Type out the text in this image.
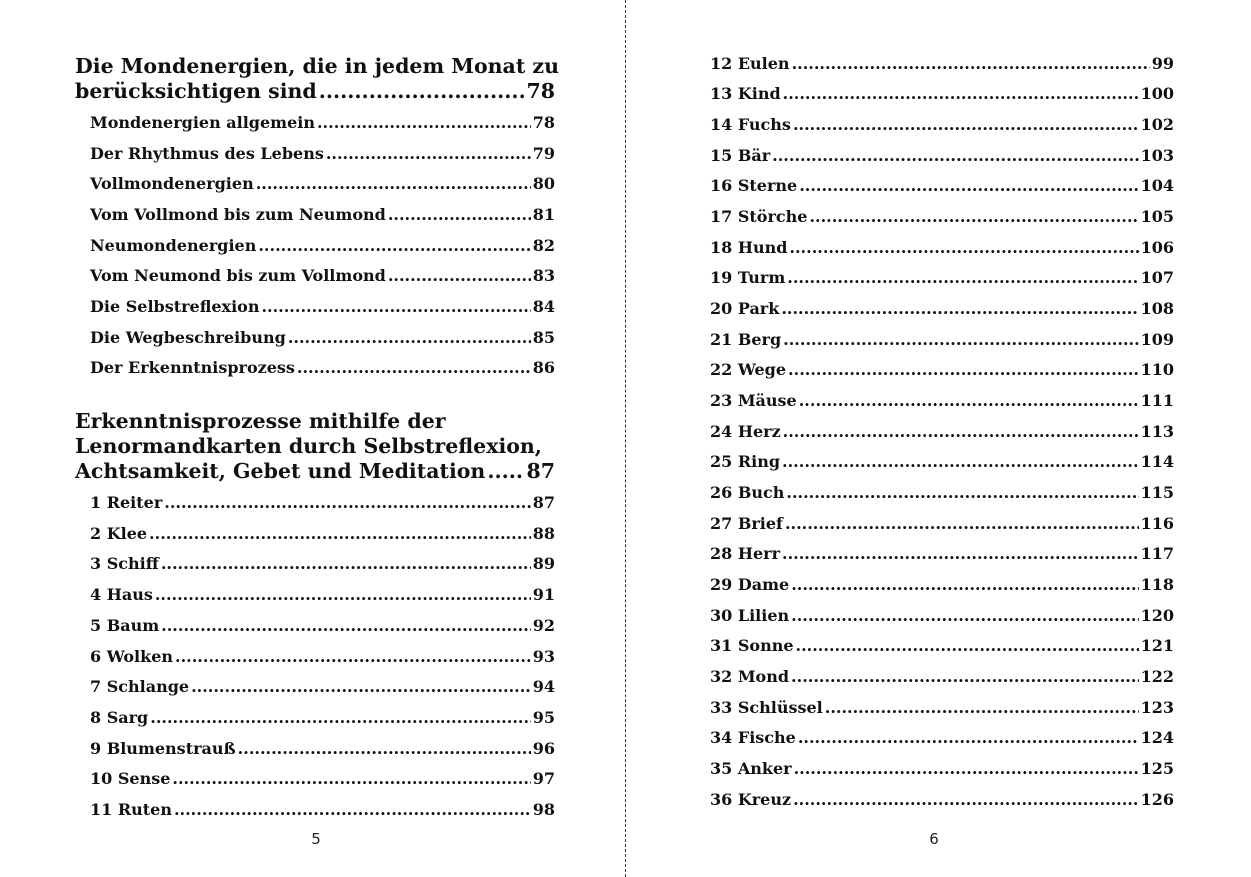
Die Mondenergien, die in jedem Monat zu
berücksichtigen sind .....	78
Mondenergien allgemein .....	78
Der Rhythmus des Lebens .....	79
Vollmondenergien .....	80
Vom Vollmond bis zum Neumond .....	81
Neumondenergien .....	82
Vom Neumond bis zum Vollmond .....	83
Die Selbstreflexion .....	84
Die Wegbeschreibung .....	85
Der Erkenntnisprozess .....	86
Erkenntnisprozesse mithilfe der
Lenormandkarten durch Selbstreflexion,
Achtsamkeit, Gebet und Meditation ..... 87
1 Reiter .....	87
2 Klee .....	88
3 Schiff .....	89
4 Haus .....	91
5 Baum .....	92
6 Wolken .....	93
7 Schlange .....	94
8 Sarg .....	95
9 Blumenstrauß .....	96
10 Sense .....	97
11 Ruten .....	98
5
12 Eulen .....	99
13 Kind .....	100
14 Fuchs .....	102
15 Bär .....	103
16 Sterne .....	104
17 Störche .....	105
18 Hund .....	106
19 Turm .....	107
20 Park .....	108
21 Berg .....	109
22 Wege .....	110
23 Mäuse .....	111
24 Herz .....	113
25 Ring .....	114
26 Buch .....	115
27 Brief .....	116
28 Herr .....	117
29 Dame .....	118
30 Lilien .....	120
31 Sonne .....	121
32 Mond .....	122
33 Schlüssel .....	123
34 Fische .....	124
35 Anker .....	125
36 Kreuz .....	126
6
